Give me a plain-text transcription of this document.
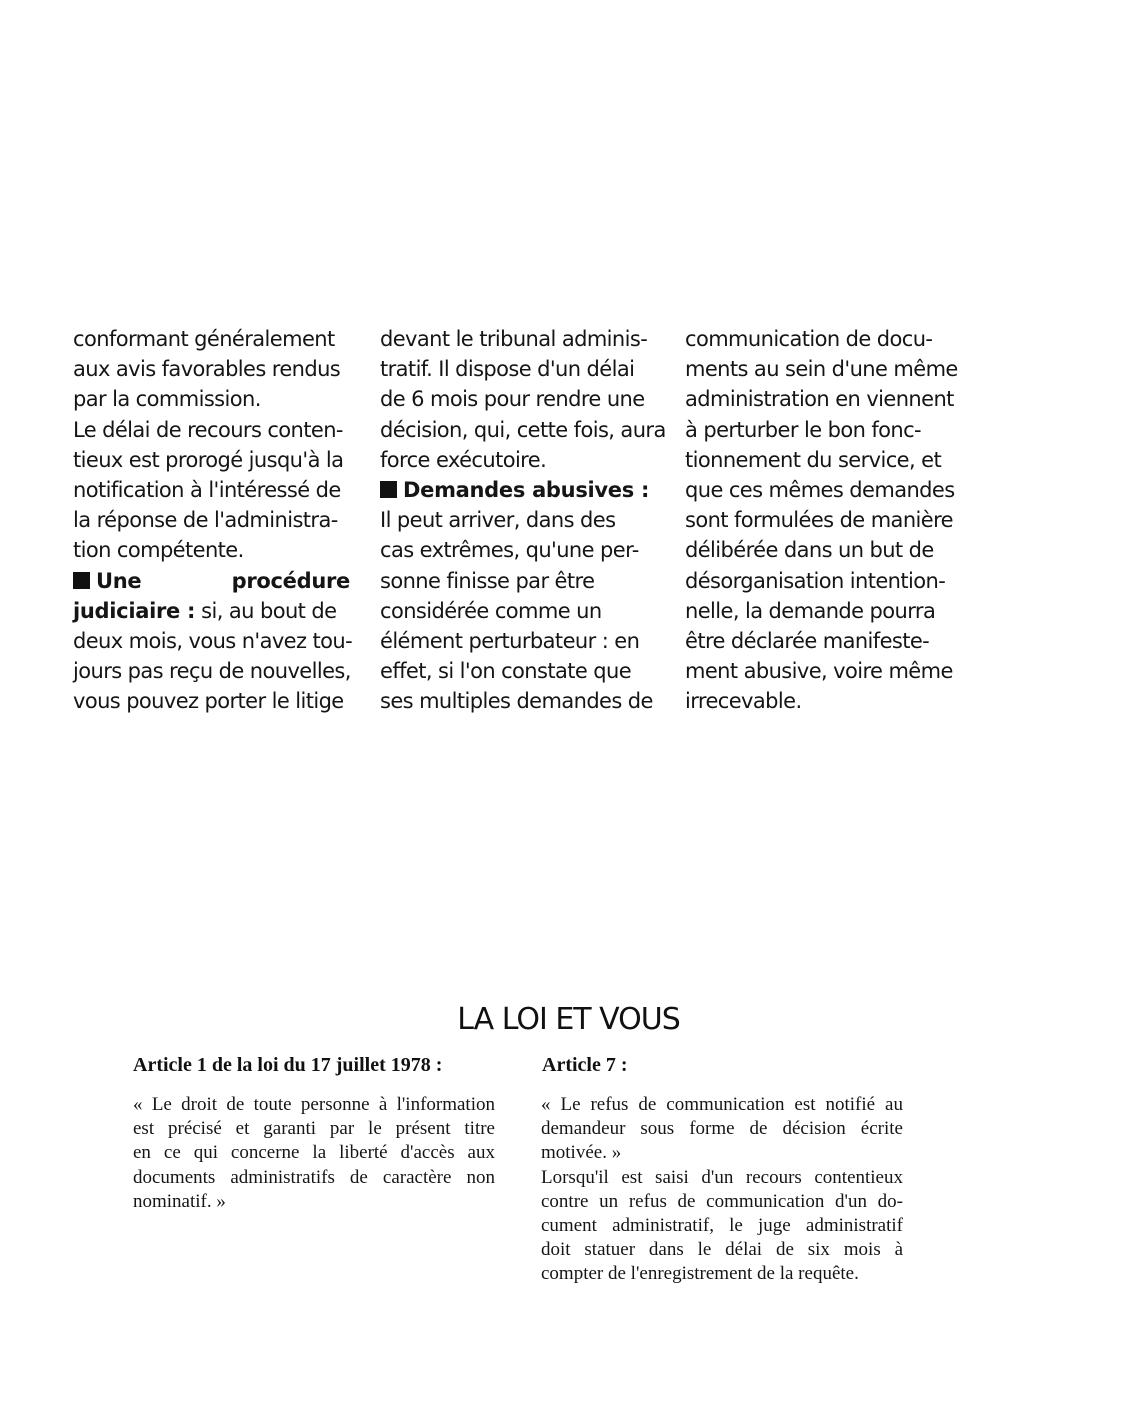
conformant généralement
aux avis favorables rendus
par la commission.
Le délai de recours conten-
tieux est prorogé jusqu'à la
notification à l'intéressé de
la réponse de l'administra-
tion compétente.
Une procédure
judiciaire : si, au bout de
deux mois, vous n'avez tou-
jours pas reçu de nouvelles,
vous pouvez porter le litige
devant le tribunal adminis-
tratif. Il dispose d'un délai
de 6 mois pour rendre une
décision, qui, cette fois, aura
force exécutoire.
Demandes abusives :
Il peut arriver, dans des
cas extrêmes, qu'une per-
sonne finisse par être
considérée comme un
élément perturbateur : en
effet, si l'on constate que
ses multiples demandes de
communication de docu-
ments au sein d'une même
administration en viennent
à perturber le bon fonc-
tionnement du service, et
que ces mêmes demandes
sont formulées de manière
délibérée dans un but de
désorganisation intention-
nelle, la demande pourra
être déclarée manifeste-
ment abusive, voire même
irrecevable.
LA LOI ET VOUS
Article 1 de la loi du 17 juillet 1978 :	Article 7 :
« Le droit de toute personne à l'information
est précisé et garanti par le présent titre
en ce qui concerne la liberté d'accès aux
documents administratifs de caractère non
nominatif. »
« Le refus de communication est notifié au
demandeur sous forme de décision écrite
motivée. »
Lorsqu'il est saisi d'un recours contentieux
contre un refus de communication d'un do-
cument administratif, le juge administratif
doit statuer dans le délai de six mois à
compter de l'enregistrement de la requête.
